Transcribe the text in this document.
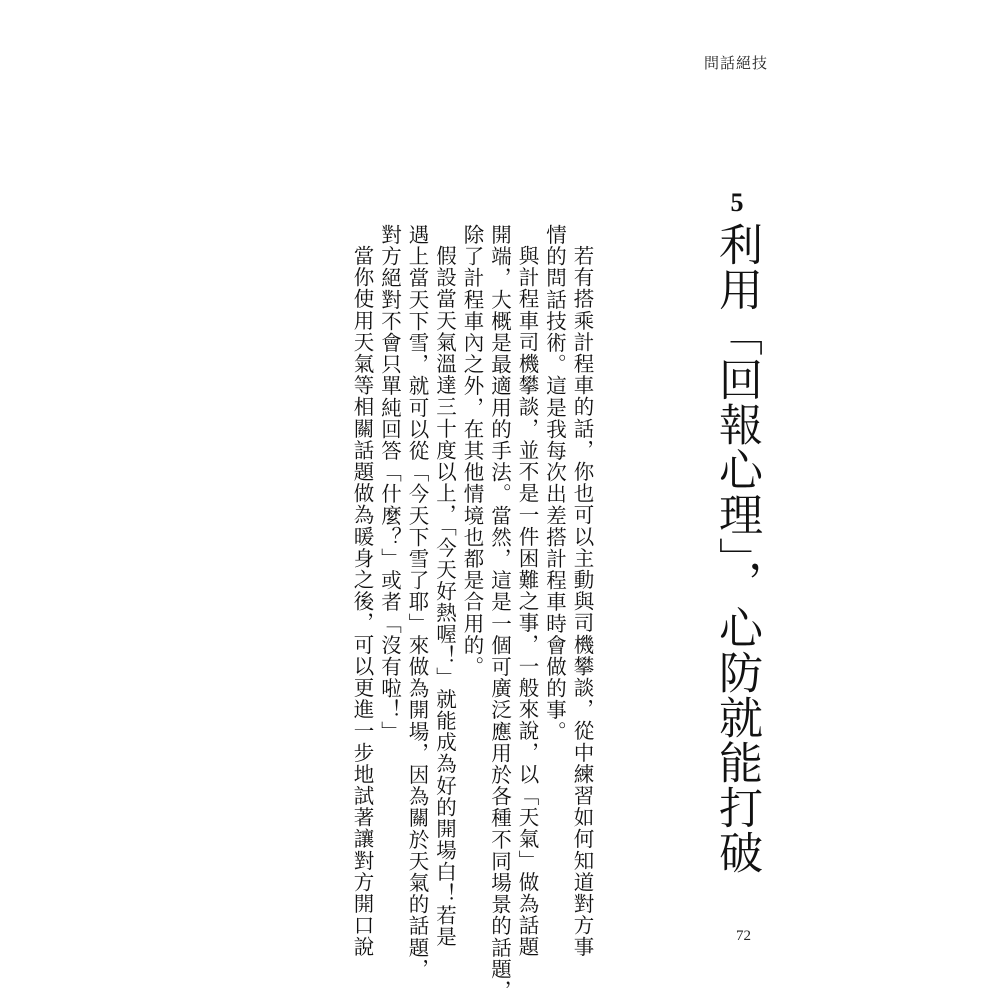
問話絕技
5
利用「回報心理」，心防就能打破

若有搭乘計程車的話，你也可以主動與司機攀談，從中練習如何知道對方事

情的問話技術。這是我每次出差搭計程車時會做的事。

與計程車司機攀談，並不是一件困難之事，一般來說，以「天氣」做為話題

開端，大概是最適用的手法。當然，這是一個可廣泛應用於各種不同場景的話題，

除了計程車內之外，在其他情境也都是合用的。

假設當天氣溫達三十度以上，「今天好熱喔！」就能成為好的開場白！若是

遇上當天下雪，就可以從「今天下雪了耶」來做為開場，因為關於天氣的話題，

對方絕對不會只單純回答「什麼？」或者「沒有啦！」

當你使用天氣等相關話題做為暖身之後，可以更進一步地試著讓對方開口說	72
